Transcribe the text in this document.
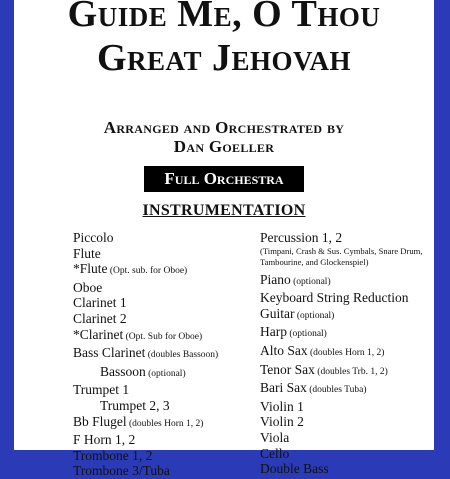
Guide Me, O Thou
Great Jehovah
Arranged and Orchestrated by
Dan Goeller
Full Orchestra
INSTRUMENTATION
Piccolo
Flute
*Flute (Opt. sub. for Oboe)
Oboe
Clarinet 1
Clarinet 2
*Clarinet (Opt. Sub for Oboe)
Bass Clarinet (doubles Bassoon)
Bassoon (optional)
Trumpet 1
Trumpet 2, 3
Bb Flugel (doubles Horn 1, 2)
F Horn 1, 2
Trombone 1, 2
Trombone 3/Tuba
Percussion 1, 2
(Timpani, Crash & Sus. Cymbals, Snare Drum,
Tambourine, and Glockenspiel)
Piano (optional)
Keyboard String Reduction
Guitar (optional)
Harp (optional)
Alto Sax (doubles Horn 1, 2)
Tenor Sax (doubles Trb. 1, 2)
Bari Sax (doubles Tuba)
Violin 1
Violin 2
Viola
Cello
Double Bass
